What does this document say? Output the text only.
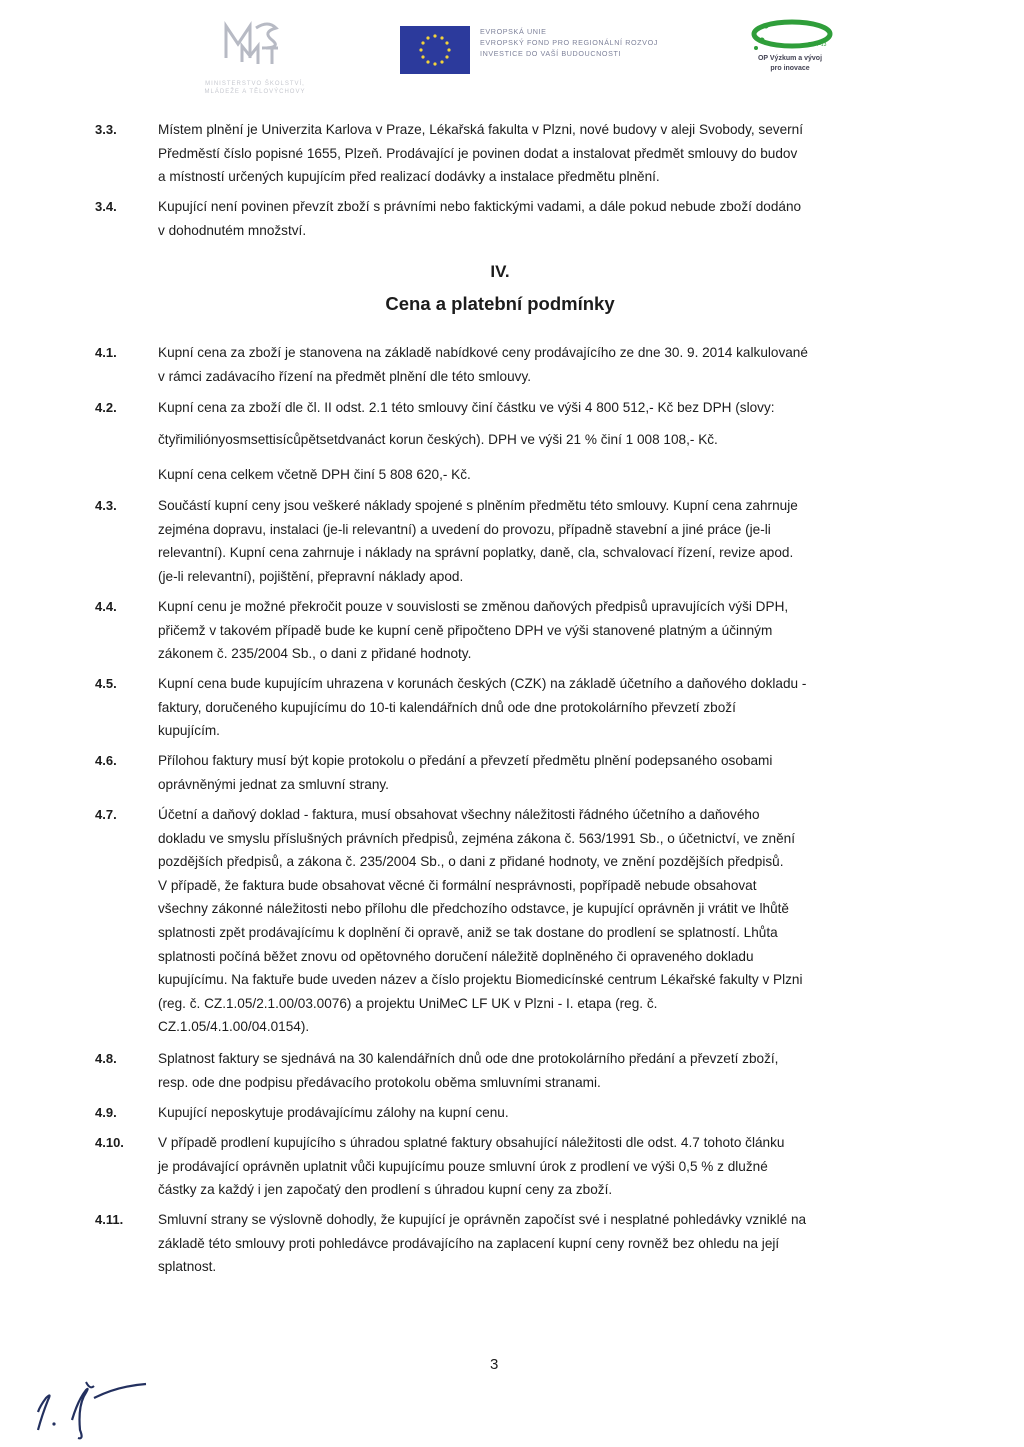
MINISTERSTVO ŠKOLSTVÍ, MLÁDEŽE A TĚLOVÝCHOVY
EVROPSKÁ UNIE
EVROPSKÝ FOND PRO REGIONÁLNÍ ROZVOJ
INVESTICE DO VAŠÍ BUDOUCNOSTI
2007-13
OP Výzkum a vývoj
pro inovace
3.3.	Místem plnění je Univerzita Karlova v Praze, Lékařská fakulta v Plzni, nové budovy v aleji Svobody, severní
Předměstí číslo popisné 1655, Plzeň. Prodávající je povinen dodat a instalovat předmět smlouvy do budov
a místností určených kupujícím před realizací dodávky a instalace předmětu plnění.
3.4.	Kupující není povinen převzít zboží s právními nebo faktickými vadami, a dále pokud nebude zboží dodáno
v dohodnutém množství.
IV.
Cena a platební podmínky
4.1.	Kupní cena za zboží je stanovena na základě nabídkové ceny prodávajícího ze dne 30. 9. 2014 kalkulované
v rámci zadávacího řízení na předmět plnění dle této smlouvy.
4.2.	Kupní cena za zboží dle čl. II odst. 2.1 této smlouvy činí částku ve výši 4 800 512,- Kč bez DPH (slovy:
čtyřimiliónyosmsettisícůpětsetdvanáct korun českých). DPH ve výši 21 % činí 1 008 108,- Kč.
Kupní cena celkem včetně DPH činí 5 808 620,- Kč.
4.3.	Součástí kupní ceny jsou veškeré náklady spojené s plněním předmětu této smlouvy. Kupní cena zahrnuje
zejména dopravu, instalaci (je-li relevantní) a uvedení do provozu, případně stavební a jiné práce (je-li
relevantní). Kupní cena zahrnuje i náklady na správní poplatky, daně, cla, schvalovací řízení, revize apod.
(je-li relevantní), pojištění, přepravní náklady apod.
4.4.	Kupní cenu je možné překročit pouze v souvislosti se změnou daňových předpisů upravujících výši DPH,
přičemž v takovém případě bude ke kupní ceně připočteno DPH ve výši stanovené platným a účinným
zákonem č. 235/2004 Sb., o dani z přidané hodnoty.
4.5.	Kupní cena bude kupujícím uhrazena v korunách českých (CZK) na základě účetního a daňového dokladu -
faktury, doručeného kupujícímu do 10-ti kalendářních dnů ode dne protokolárního převzetí zboží
kupujícím.
4.6.	Přílohou faktury musí být kopie protokolu o předání a převzetí předmětu plnění podepsaného osobami
oprávněnými jednat za smluvní strany.
4.7.	Účetní a daňový doklad - faktura, musí obsahovat všechny náležitosti řádného účetního a daňového
dokladu ve smyslu příslušných právních předpisů, zejména zákona č. 563/1991 Sb., o účetnictví, ve znění
pozdějších předpisů, a zákona č. 235/2004 Sb., o dani z přidané hodnoty, ve znění pozdějších předpisů.
V případě, že faktura bude obsahovat věcné či formální nesprávnosti, popřípadě nebude obsahovat
všechny zákonné náležitosti nebo přílohu dle předchozího odstavce, je kupující oprávněn ji vrátit ve lhůtě
splatnosti zpět prodávajícímu k doplnění či opravě, aniž se tak dostane do prodlení se splatností. Lhůta
splatnosti počíná běžet znovu od opětovného doručení náležitě doplněného či opraveného dokladu
kupujícímu. Na faktuře bude uveden název a číslo projektu Biomedicínské centrum Lékařské fakulty v Plzni
(reg. č. CZ.1.05/2.1.00/03.0076) a projektu UniMeC LF UK v Plzni - I. etapa (reg. č.
CZ.1.05/4.1.00/04.0154).
4.8.	Splatnost faktury se sjednává na 30 kalendářních dnů ode dne protokolárního předání a převzetí zboží,
resp. ode dne podpisu předávacího protokolu oběma smluvními stranami.
4.9.	Kupující neposkytuje prodávajícímu zálohy na kupní cenu.
4.10.	V případě prodlení kupujícího s úhradou splatné faktury obsahující náležitosti dle odst. 4.7 tohoto článku
je prodávající oprávněn uplatnit vůči kupujícímu pouze smluvní úrok z prodlení ve výši 0,5 % z dlužné
částky za každý i jen započatý den prodlení s úhradou kupní ceny za zboží.
4.11.	Smluvní strany se výslovně dohodly, že kupující je oprávněn započíst své i nesplatné pohledávky vzniklé na
základě této smlouvy proti pohledávce prodávajícího na zaplacení kupní ceny rovněž bez ohledu na její
splatnost.
3
